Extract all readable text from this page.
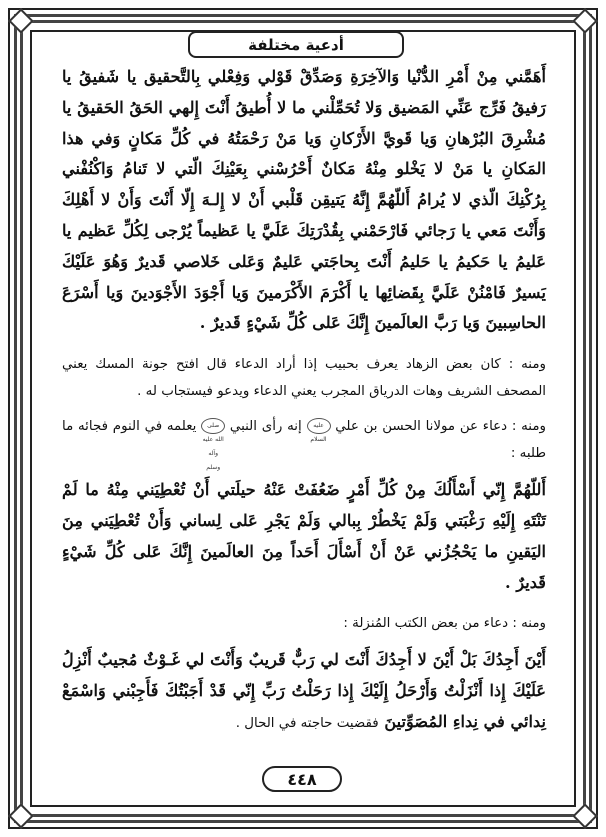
أدعية مختلفة

أَهَمَّني مِنْ أَمْرِ الدُّنْيا وَالآخِرَةِ وَصَدِّقْ قَوْلي وَفِعْلي بِالتَّحقيق يا شَفيقُ يا رَفيقُ فَرِّج عَنِّي المَضيق وَلا تُحَمِّلْني ما لا أُطيقُ أَنْتَ إِلهي الحَقُ الحَقيقُ يا مُشْرِقَ البُرْهانِ وَيا قَويَّ الأَرْكانِ وَيا مَنْ رَحْمَتُهُ في كُلِّ مَكانٍ وَفي هذا المَكانِ يا مَنْ لا يَخْلو مِنْهُ مَكانٌ أَحْرُسْني بِعَيْنِكَ الّتي لا تَنامُ وَاكْنُفْني بِرُكْنِكَ الّذي لا يُرامُ أَللّهُمَّ إِنَّهُ يَتيقِن قَلْبي أَنْ لا إِلـهَ إِلّا أَنْتَ وَأَنْ لا أَهْلِكَ وَأَنْتَ مَعي يا رَجائي فَارْحَمْني بِقُدْرَتِكَ عَلَيَّ يا عَظيماً يُرْجى لِكُلِّ عَظيم يا عَليمُ يا حَكيمُ يا حَليمُ أَنْتَ بِحاجَتي عَليمٌ وَعَلى خَلاصي قَديرٌ وَهُوَ عَلَيْكَ يَسيرٌ فَامْنُنْ عَلَيَّ بِقَضائِها يا أَكْرَمَ الأَكْرَمينَ وَيا أَجْوَدَ الأَجْوَدينَ وَيا أَسْرَعَ الحاسِبينَ وَيا رَبَّ العالَمينَ إِنَّكَ عَلى كُلِّ شَيْءٍ قَديرٌ .

ومنه : كان بعض الزهاد يعرف بحبيب إذا أراد الدعاء قال افتح جونة المسك يعني المصحف الشريف وهات الدرياق المجرب يعني الدعاء ويدعو فيستجاب له .

ومنه : دعاء عن مولانا الحسن بن علي عليه السلام إنه رأى النبي صلى الله عليه وآله وسلم يعلمه في النوم فجائه ما طلبه :

أَللّهُمَّ إِنّي أَسْأَلُكَ مِنْ كُلِّ أَمْرٍ ضَعُفَتْ عَنْهُ حيلَتي أَنْ تُعْطِيَني مِنْهُ ما لَمْ تَنْتَهِ إِلَيْهِ رَغْبَتي وَلَمْ يَخْطُرْ بِبالي وَلَمْ يَجْرِ عَلى لِساني وَأَنْ تُعْطِيَني مِنَ اليَقينِ ما يَحْجُزُني عَنْ أَنْ أَسْأَلَ أَحَداً مِنَ العالَمينَ إِنَّكَ عَلى كُلِّ شَيْءٍ قَديرٌ .

ومنه : دعاء من بعض الكتب المُنزلة :

أَيْنَ أَجِدُكَ بَلْ أَيْنَ لا أَجِدُكَ أَنْتَ لي رَبٌّ قَريبٌ وَأَنْتَ لي غَـوْثٌ مُجيبٌ أَنْزِلُ عَلَيْكَ إِذا أَنْزَلْتُ وَأَرْحَلُ إِلَيْكَ إِذا رَحَلْتُ رَبِّ إِنّي قَدْ أَجَبْتُكَ فَأَجِبْني وَاسْمَعْ نِدائي في نِداءِ المُصَوِّتينَ فقضيت حاجته في الحال .

٤٤٨
